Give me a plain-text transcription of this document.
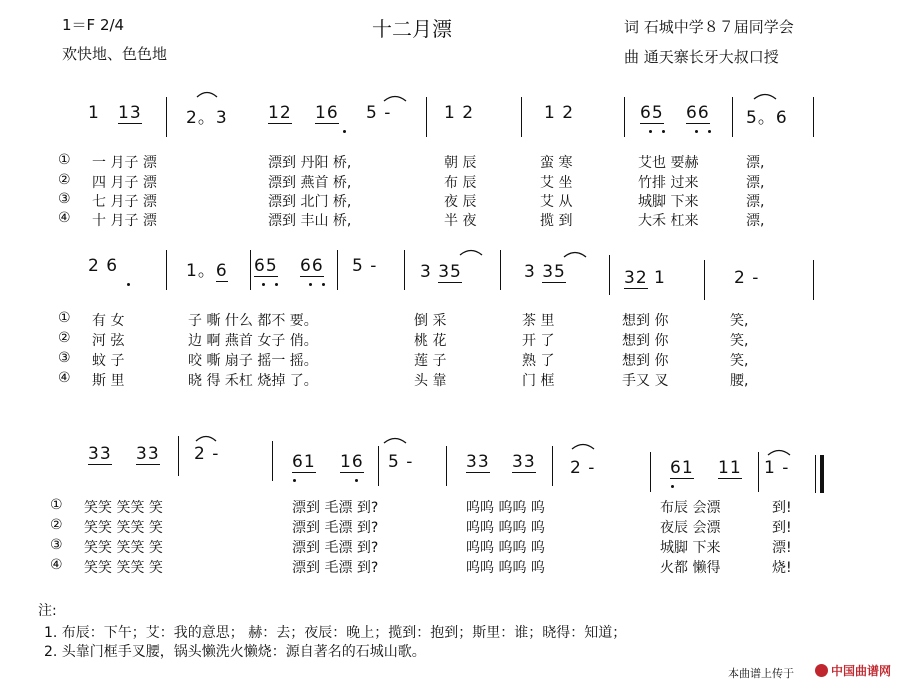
1＝F 2/4
欢快地、色色地
十二月漂	词 石城中学８７届同学会
曲 通天寨长牙大叔口授
1 13	2。3 12 16 5 -	1 2	1 2	65 66 5。6
① 一 月子 漂	漂到 丹阳 桥,	朝 辰	蛮 寒	艾也 要赫	漂,
② 四 月子 漂	漂到 燕首 桥,	布 辰	艾 坐	竹排 过来	漂,
③ 七 月子 漂	漂到 北门 桥,	夜 辰	艾 从	城脚 下来	漂,
④ 十 月子 漂	漂到 丰山 桥,	半 夜	揽 到	大禾 杠来	漂,
2 6	1。6 65 66 5 -	3 35	3 35	32 1	2 -
① 有 女	子 嘶 什么 都不 要。	倒 采	茶 里	想到 你	笑,
② 河 弦	边 啊 燕首 女子 俏。	桃 花	开 了	想到 你	笑,
③ 蚊 子	咬 嘶 扇子 摇一 摇。	莲 子	熟 了	想到 你	笑,
④ 斯 里	晓 得 禾杠 烧掉 了。	头 靠	门 框	手又 叉	腰,
33 33 2 -	61 16 5 -	33 33 2 -	61 11 1 -
① 笑笑 笑笑 笑	漂到 毛漂 到?	呜呜 呜呜 呜	布辰 会漂	到!
② 笑笑 笑笑 笑	漂到 毛漂 到?	呜呜 呜呜 呜	夜辰 会漂	到!
③ 笑笑 笑笑 笑	漂到 毛漂 到?	呜呜 呜呜 呜	城脚 下来	漂!
④ 笑笑 笑笑 笑	漂到 毛漂 到?	呜呜 呜呜 呜	火都 懒得	烧!
注:
1. 布辰：下午；艾：我的意思； 赫：去；夜辰：晚上；揽到：抱到；斯里：谁；晓得：知道；
2. 头靠门框手叉腰，锅头懒洗火懒烧：源自著名的石城山歌。
本曲谱上传于	中国曲谱网
